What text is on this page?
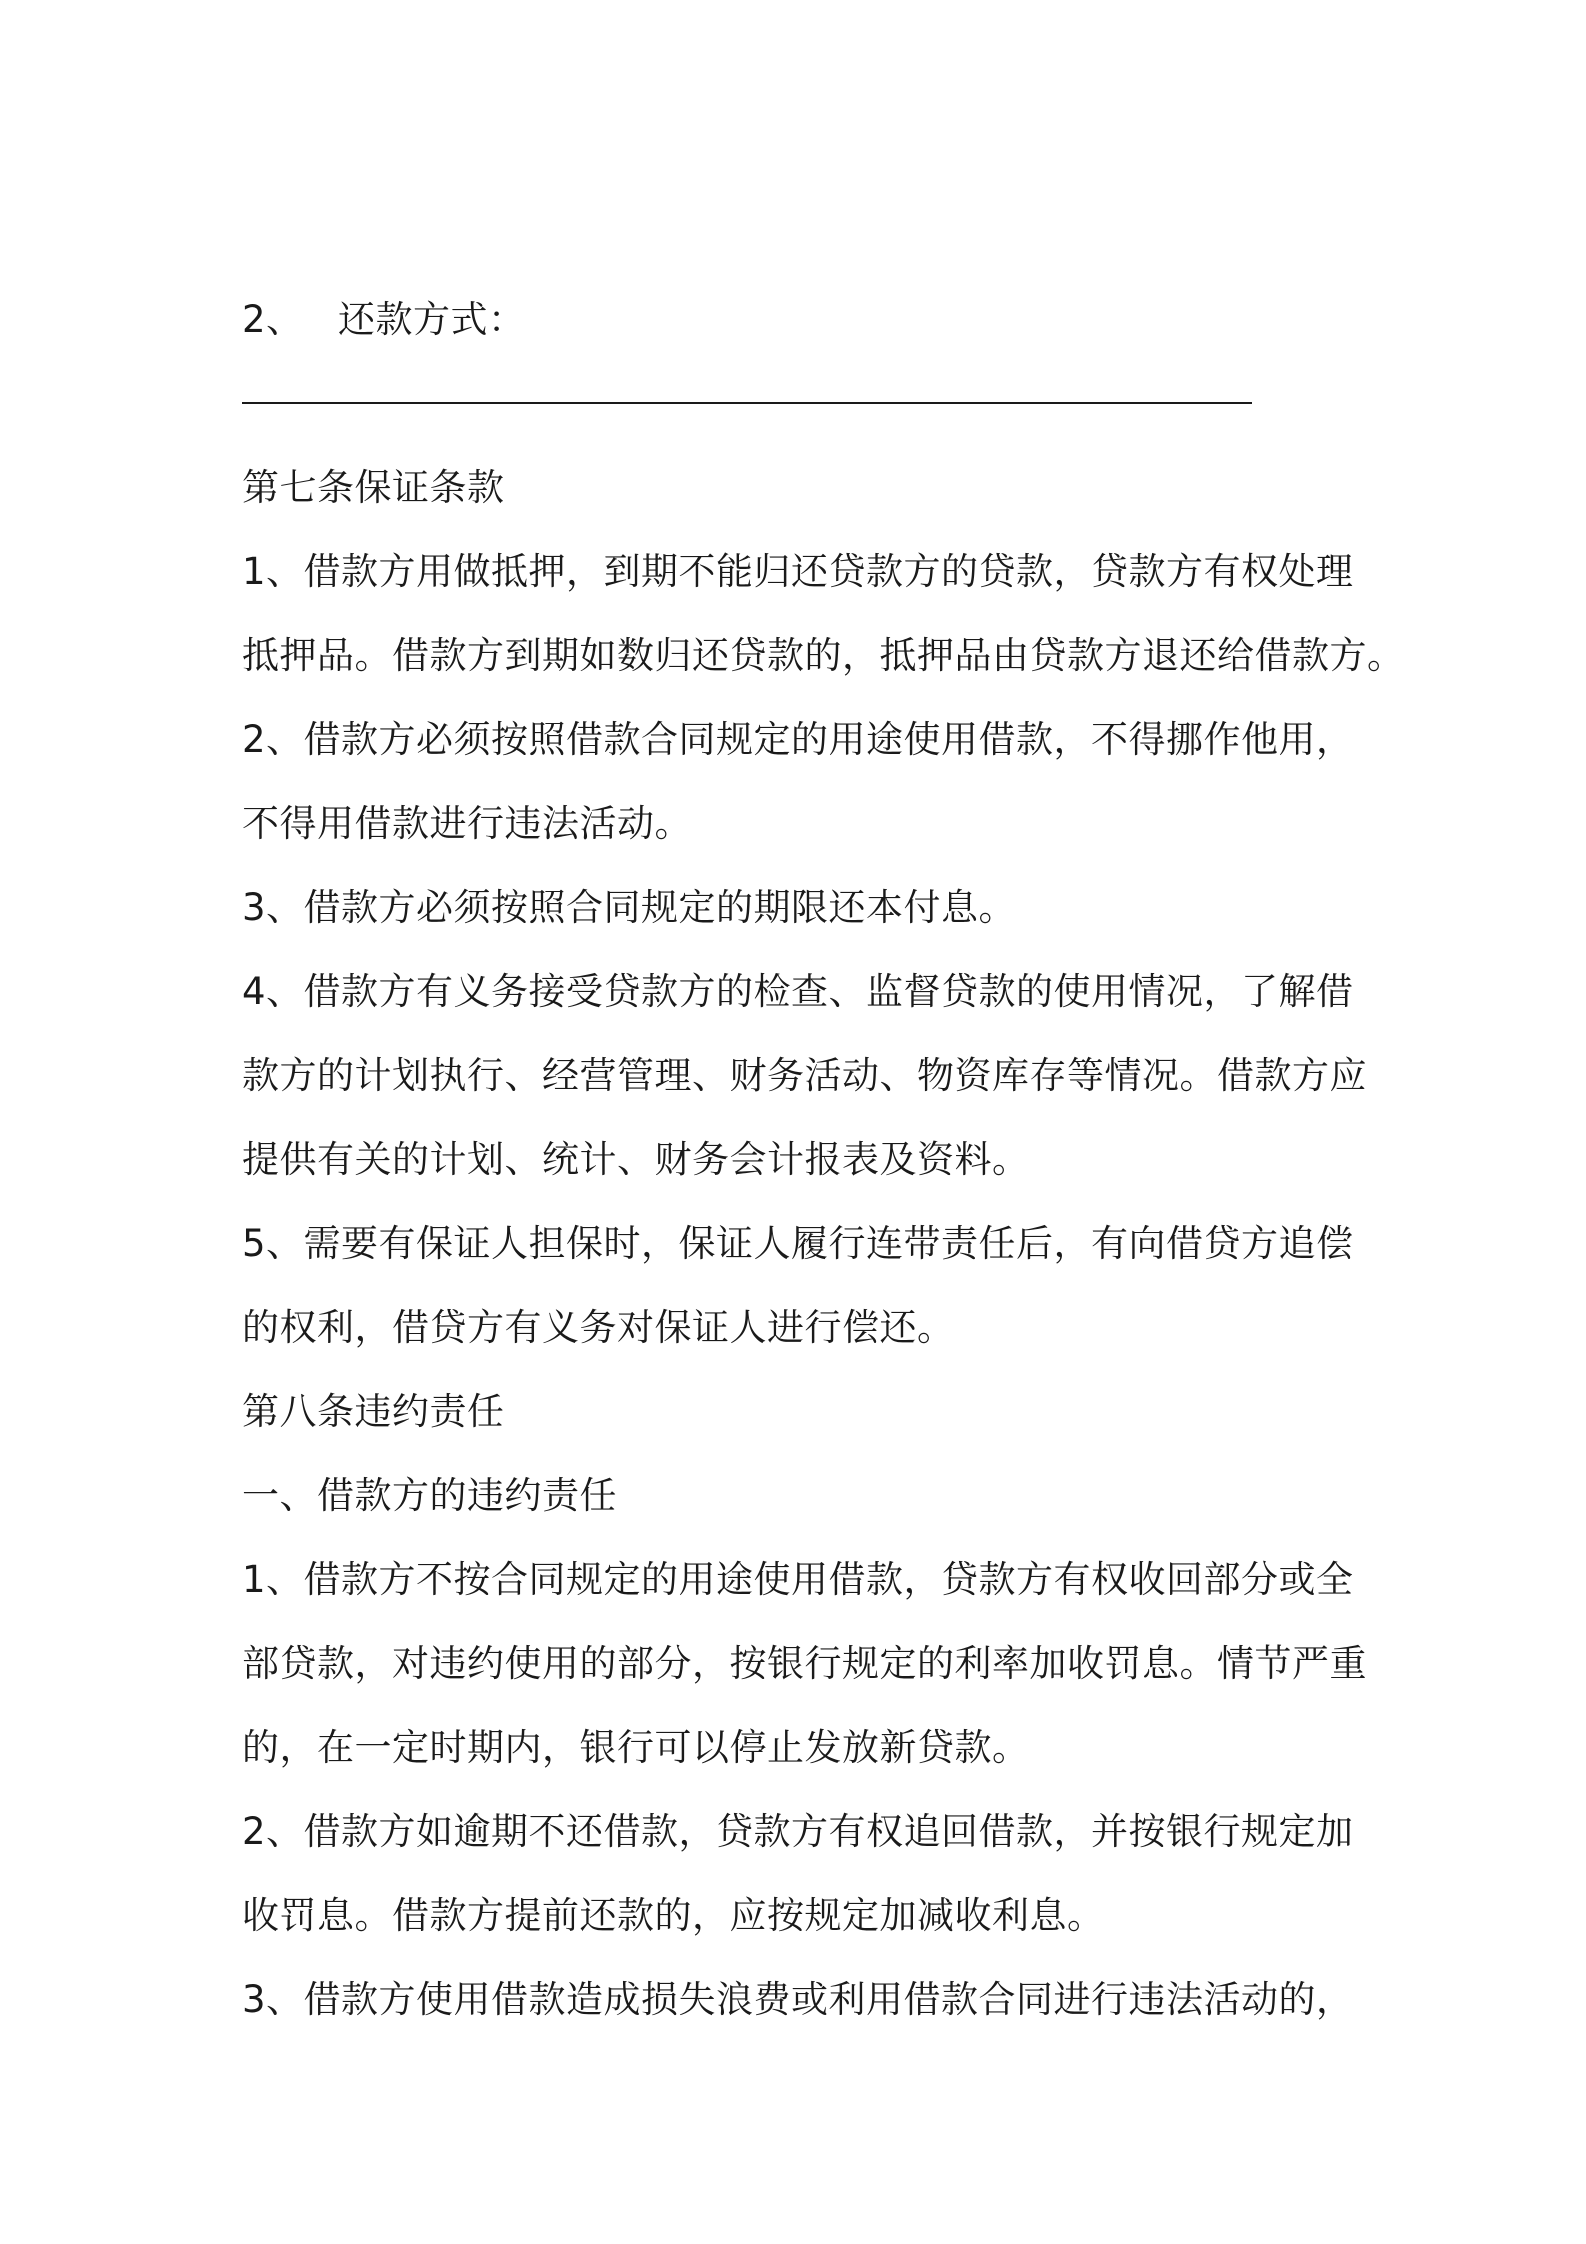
2、 还款方式：
第七条保证条款
1、借款方用做抵押，到期不能归还贷款方的贷款，贷款方有权处理
抵押品。借款方到期如数归还贷款的，抵押品由贷款方退还给借款方。
2、借款方必须按照借款合同规定的用途使用借款，不得挪作他用，
不得用借款进行违法活动。
3、借款方必须按照合同规定的期限还本付息。
4、借款方有义务接受贷款方的检查、监督贷款的使用情况，了解借
款方的计划执行、经营管理、财务活动、物资库存等情况。借款方应
提供有关的计划、统计、财务会计报表及资料。
5、需要有保证人担保时，保证人履行连带责任后，有向借贷方追偿
的权利，借贷方有义务对保证人进行偿还。
第八条违约责任
一、借款方的违约责任
1、借款方不按合同规定的用途使用借款，贷款方有权收回部分或全
部贷款，对违约使用的部分，按银行规定的利率加收罚息。情节严重
的，在一定时期内，银行可以停止发放新贷款。
2、借款方如逾期不还借款，贷款方有权追回借款，并按银行规定加
收罚息。借款方提前还款的，应按规定加减收利息。
3、借款方使用借款造成损失浪费或利用借款合同进行违法活动的，
